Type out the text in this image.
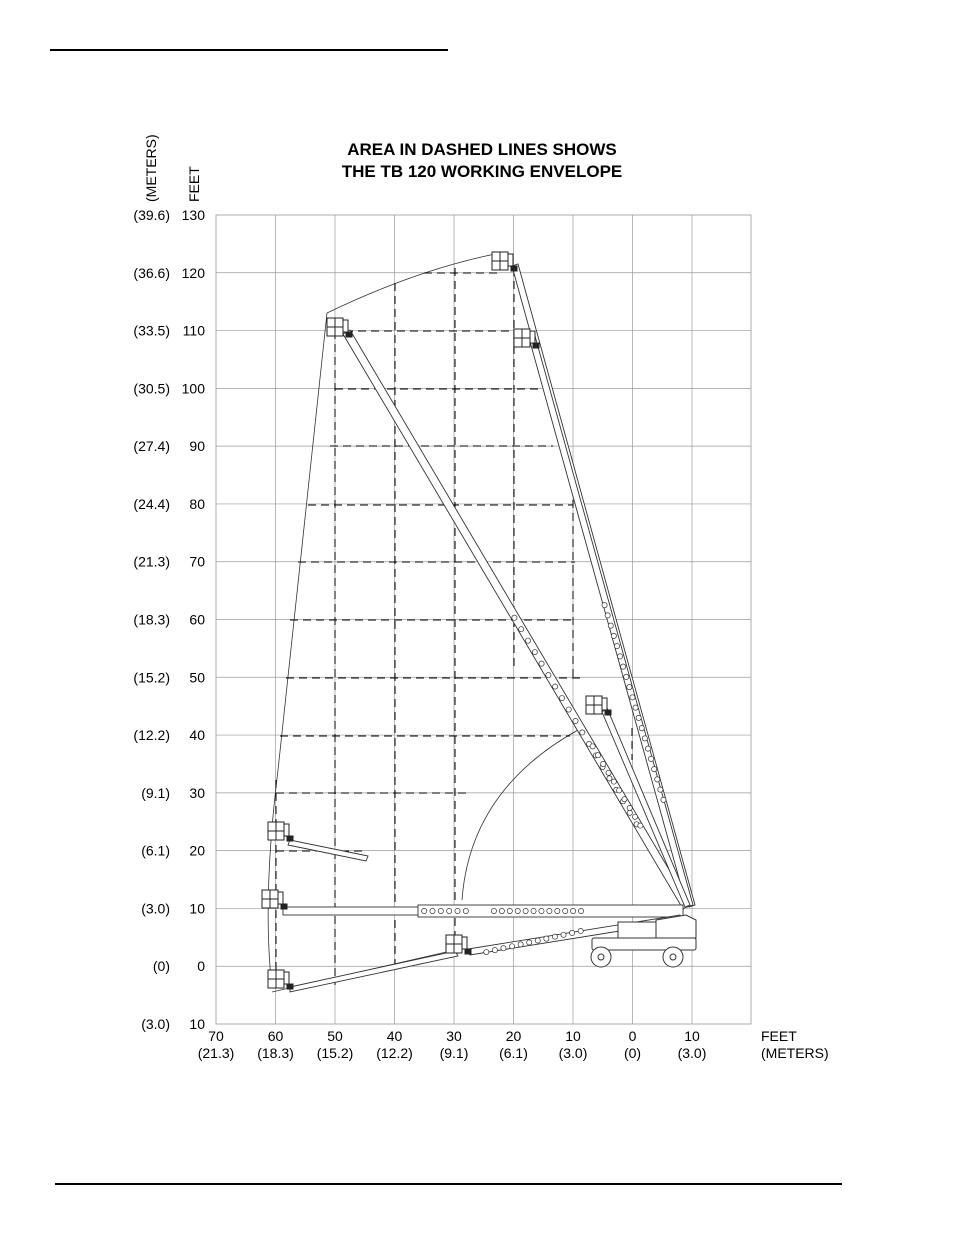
AREA IN DASHED LINES SHOWS
THE TB 120 WORKING ENVELOPE
(METERS) FEET
FEET
(METERS)
(39.6) 130
(36.6) 120
(33.5) 110
(30.5) 100
(27.4) 90
(24.4) 80
(21.3) 70
(18.3) 60
(15.2) 50
(12.2) 40
(9.1) 30
(6.1) 20
(3.0) 10
(0) 0
(3.0) 10
70
(21.3)
60
(18.3)
50
(15.2)
40
(12.2)
30
(9.1)
20
(6.1)
10
(3.0)
0
(0)
10
(3.0)
